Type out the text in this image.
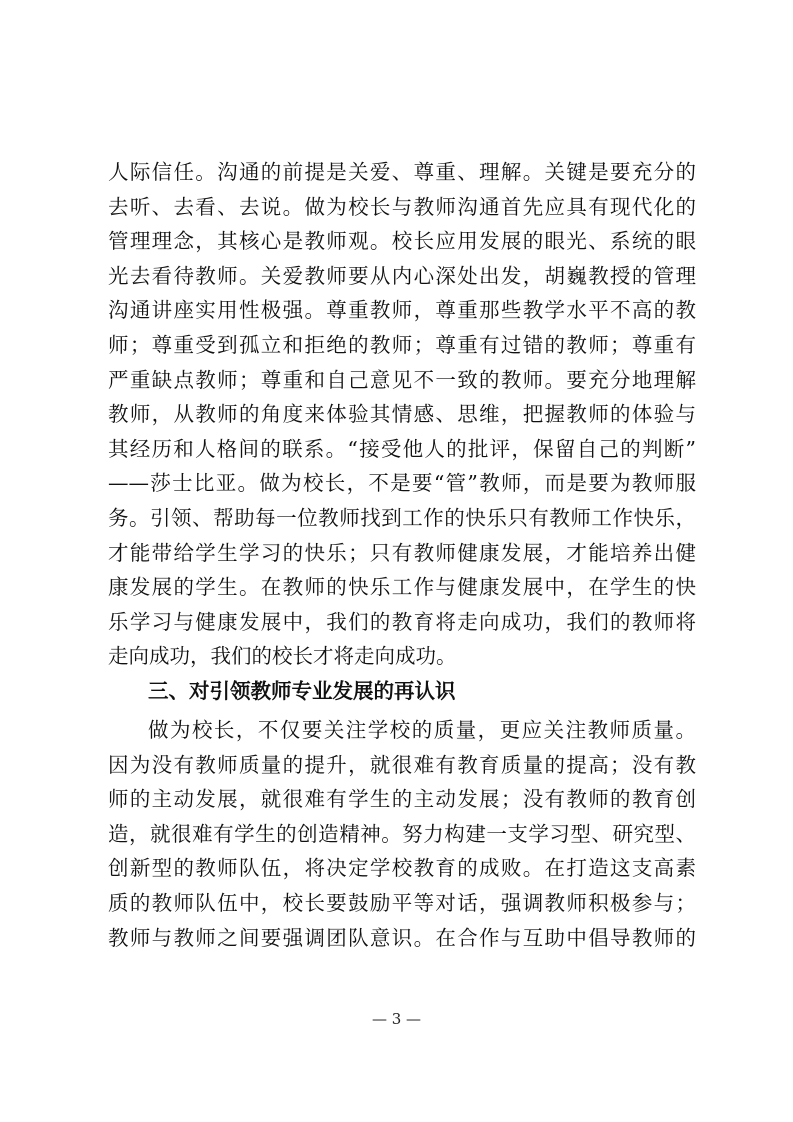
人际信任。沟通的前提是关爱、尊重、理解。关键是要充分的
去听、去看、去说。做为校长与教师沟通首先应具有现代化的
管理理念，其核心是教师观。校长应用发展的眼光、系统的眼
光去看待教师。关爱教师要从内心深处出发，胡巍教授的管理
沟通讲座实用性极强。尊重教师，尊重那些教学水平不高的教
师；尊重受到孤立和拒绝的教师；尊重有过错的教师；尊重有
严重缺点教师；尊重和自己意见不一致的教师。要充分地理解
教师，从教师的角度来体验其情感、思维，把握教师的体验与
其经历和人格间的联系。“接受他人的批评，保留自己的判断”
——莎士比亚。做为校长，不是要“管”教师，而是要为教师服
务。引领、帮助每一位教师找到工作的快乐只有教师工作快乐，
才能带给学生学习的快乐；只有教师健康发展，才能培养出健
康发展的学生。在教师的快乐工作与健康发展中，在学生的快
乐学习与健康发展中，我们的教育将走向成功，我们的教师将
走向成功，我们的校长才将走向成功。
三、对引领教师专业发展的再认识
做为校长，不仅要关注学校的质量，更应关注教师质量。
因为没有教师质量的提升，就很难有教育质量的提高；没有教
师的主动发展，就很难有学生的主动发展；没有教师的教育创
造，就很难有学生的创造精神。努力构建一支学习型、研究型、
创新型的教师队伍，将决定学校教育的成败。在打造这支高素
质的教师队伍中，校长要鼓励平等对话，强调教师积极参与；
教师与教师之间要强调团队意识。在合作与互助中倡导教师的
— 3 —
